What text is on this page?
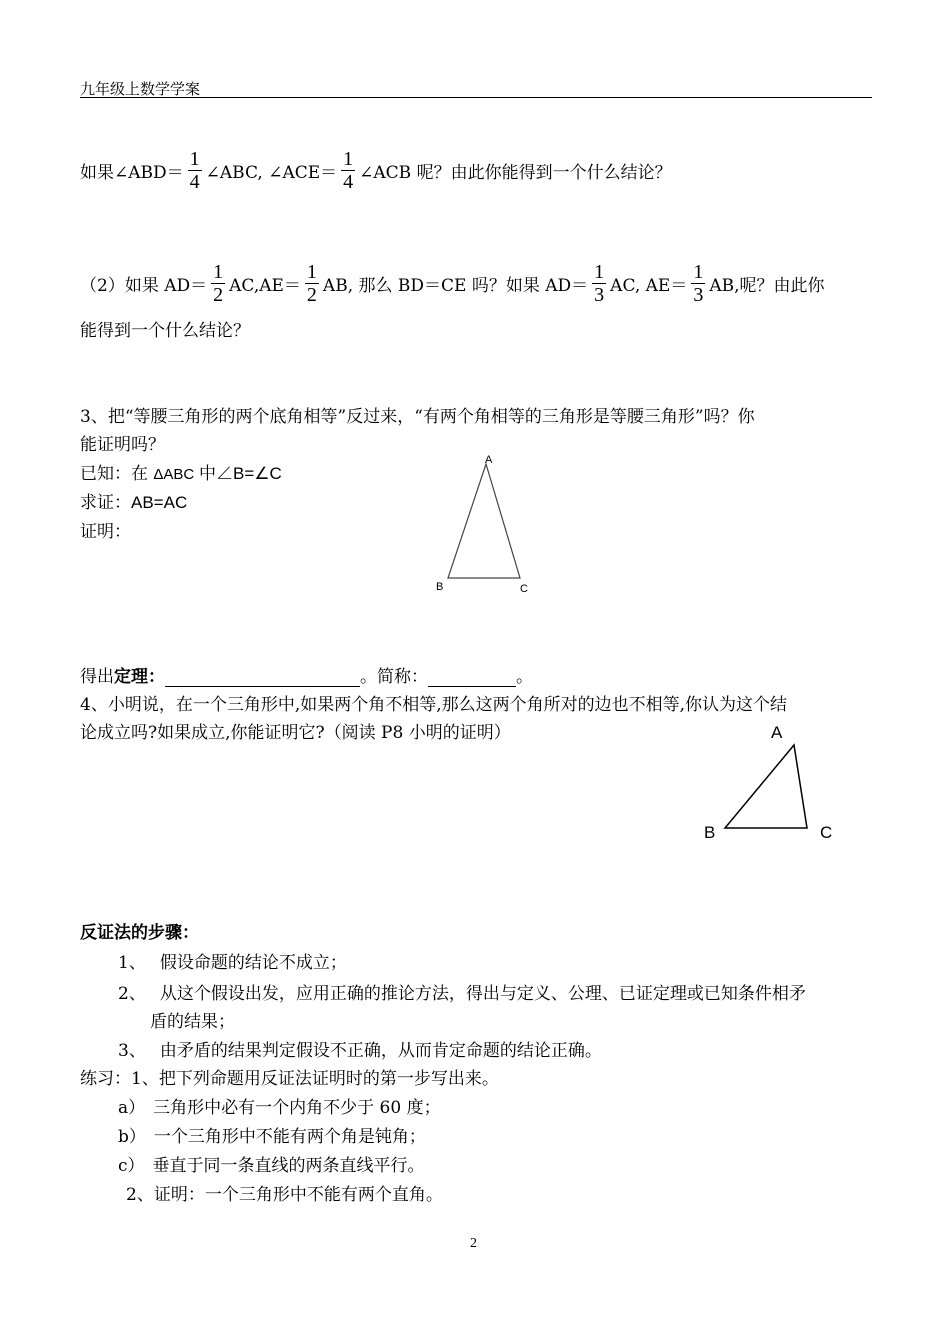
九年级上数学学案
如果∠ABD＝ $\frac{1}{4}$ ∠ABC, ∠ACE＝ $\frac{1}{4}$ ∠ACB 呢？由此你能得到一个什么结论？
（2）如果 $AD= \frac{1}{2} AC,AE= \frac{1}{2}$ AB, 那么 BD＝CE 吗？如果 $AD= \frac{1}{3}$ AC, $AE= \frac{1}{3}$ AB,呢？由此你
能得到一个什么结论？
3、把“等腰三角形的两个底角相等”反过来，“有两个角相等的三角形是等腰三角形”吗？你
能证明吗？
已知：在 ΔABC 中∠B=∠C
求证：AB=AC
证明：
A
B	C
得出定理：	。简称：	。
4、小明说，在一个三角形中,如果两个角不相等,那么这两个角所对的边也不相等,你认为这个结
论成立吗?如果成立,你能证明它?（阅读 P8 小明的证明）	A
B	C
反证法的步骤：
1、 假设命题的结论不成立；
2、 从这个假设出发，应用正确的推论方法，得出与定义、公理、已证定理或已知条件相矛
盾的结果；
3、 由矛盾的结果判定假设不正确，从而肯定命题的结论正确。
练习：1、把下列命题用反证法证明时的第一步写出来。
a） 三角形中必有一个内角不少于 60 度；
b） 一个三角形中不能有两个角是钝角；
c） 垂直于同一条直线的两条直线平行。
2、证明：一个三角形中不能有两个直角。
2
